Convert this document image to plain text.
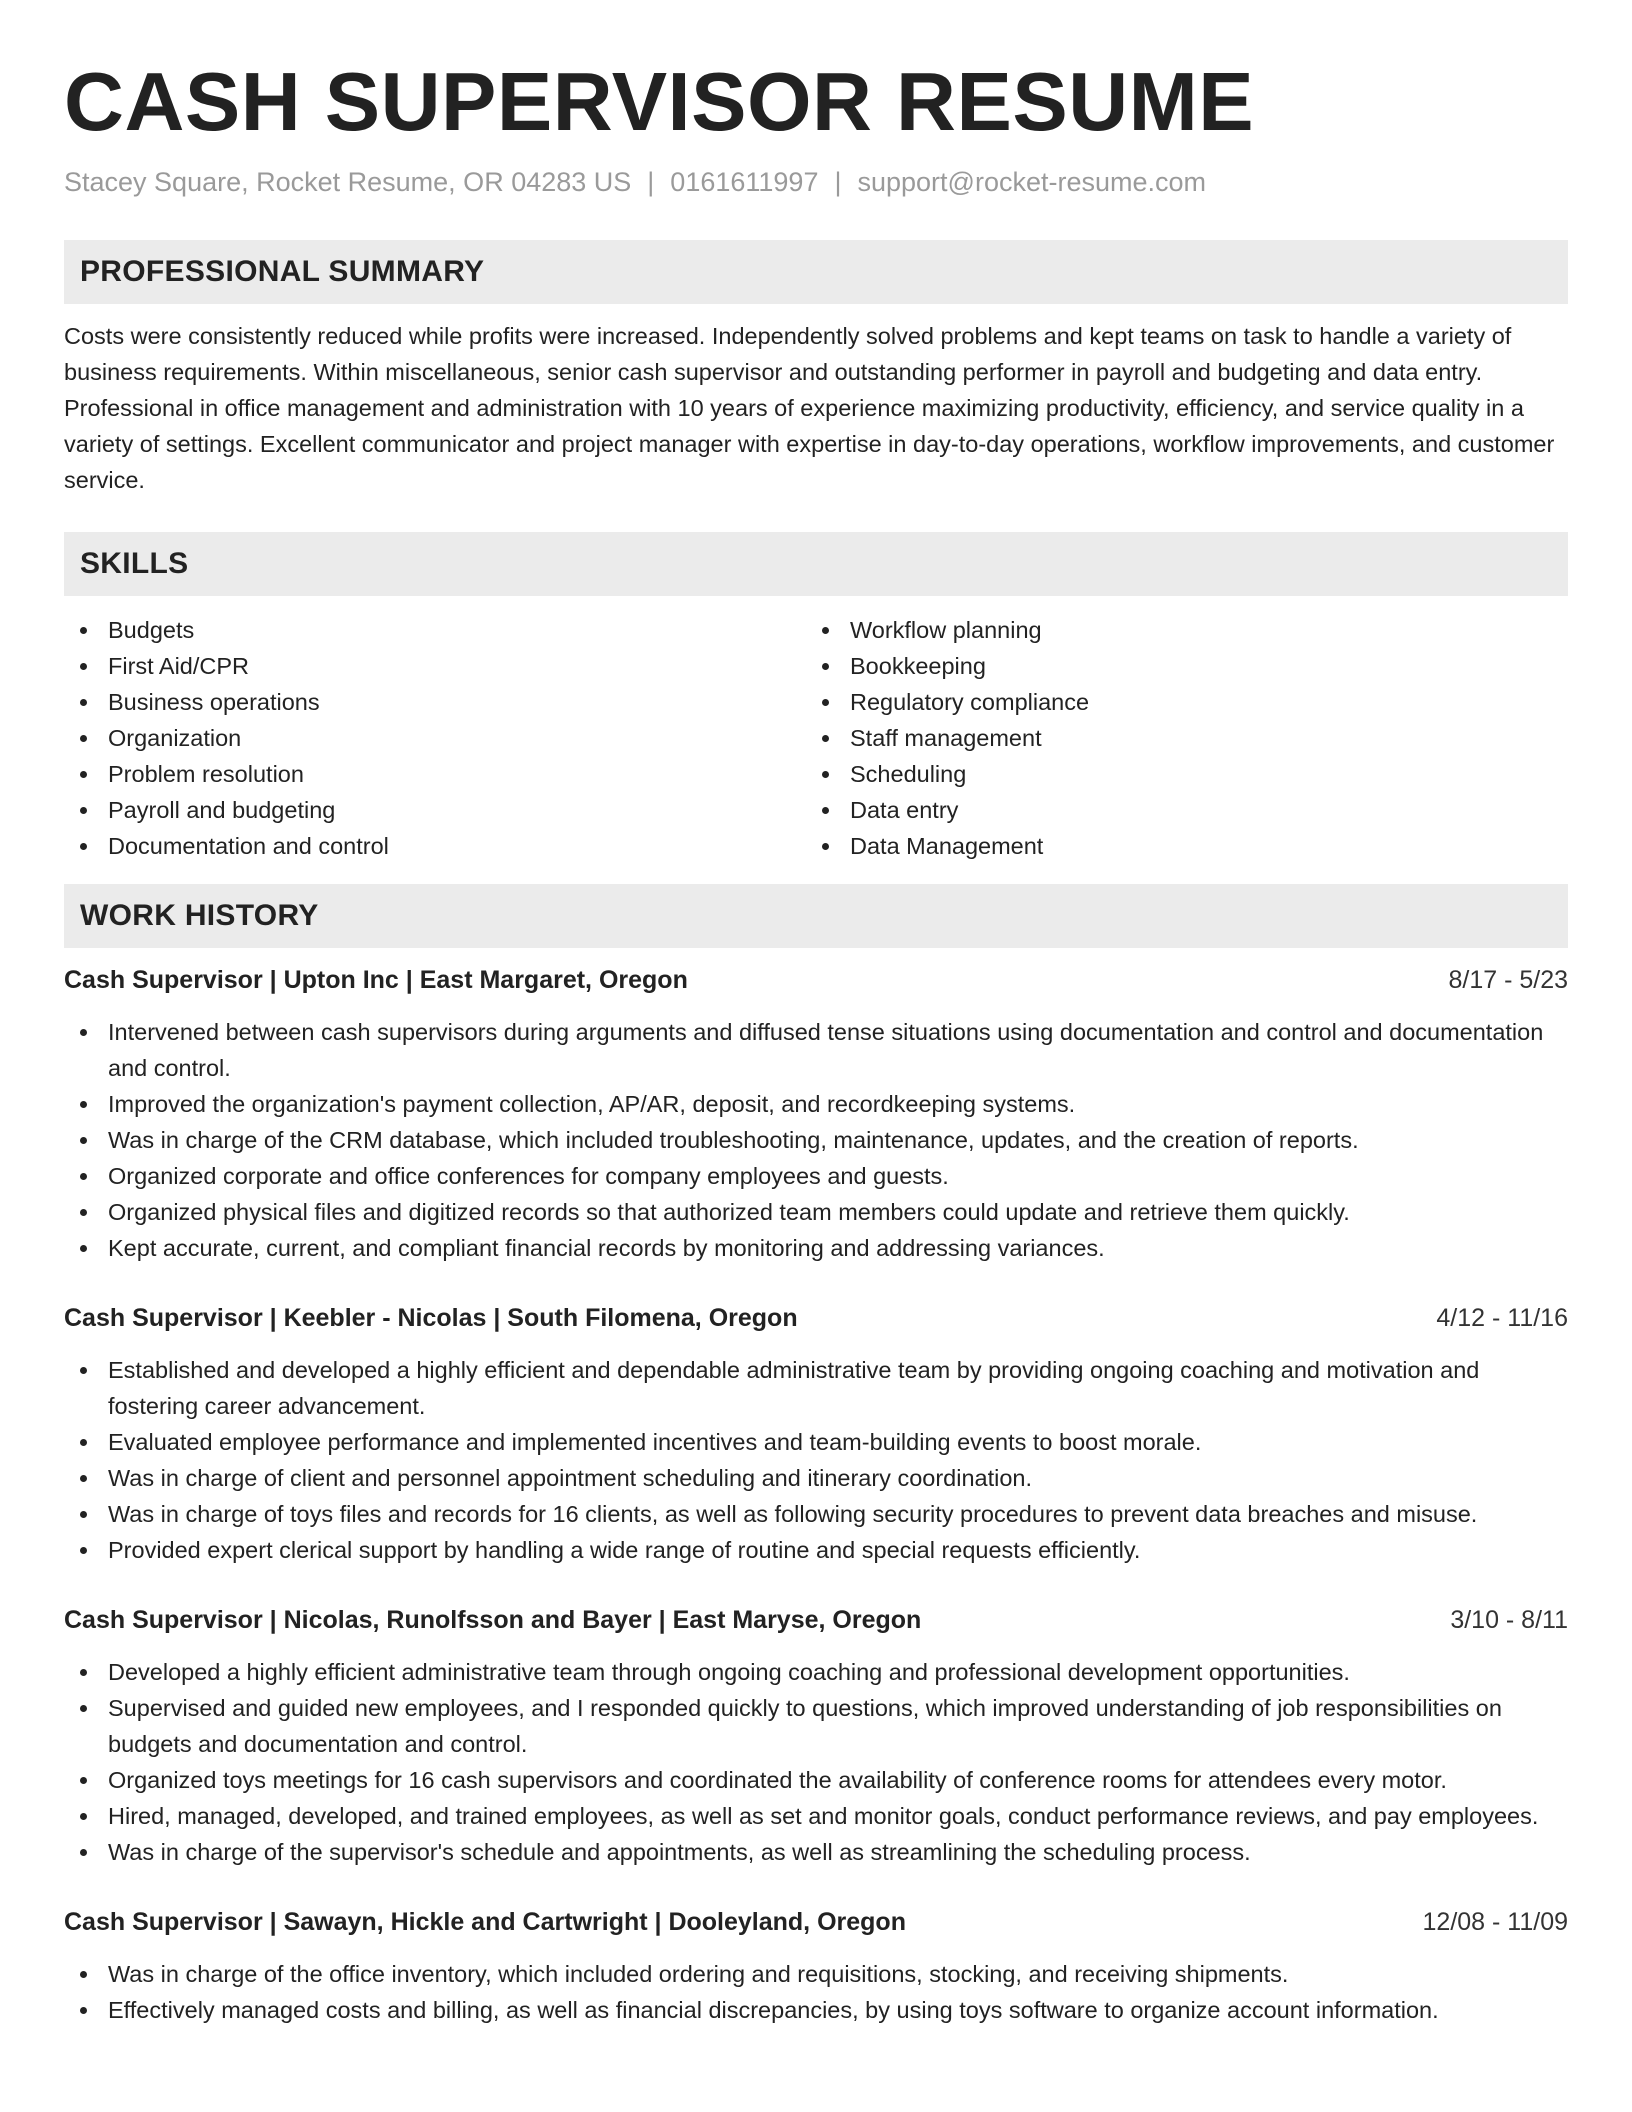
CASH SUPERVISOR RESUME
Stacey Square, Rocket Resume, OR 04283 US | 0161611997 | support@rocket-resume.com
PROFESSIONAL SUMMARY
Costs were consistently reduced while profits were increased. Independently solved problems and kept teams on task to handle a variety of business requirements. Within miscellaneous, senior cash supervisor and outstanding performer in payroll and budgeting and data entry. Professional in office management and administration with 10 years of experience maximizing productivity, efficiency, and service quality in a variety of settings. Excellent communicator and project manager with expertise in day-to-day operations, workflow improvements, and customer service.
SKILLS
Budgets
First Aid/CPR
Business operations
Organization
Problem resolution
Payroll and budgeting
Documentation and control
Workflow planning
Bookkeeping
Regulatory compliance
Staff management
Scheduling
Data entry
Data Management
WORK HISTORY
Cash Supervisor | Upton Inc | East Margaret, Oregon	8/17 - 5/23
Intervened between cash supervisors during arguments and diffused tense situations using documentation and control and documentation and control.
Improved the organization's payment collection, AP/AR, deposit, and recordkeeping systems.
Was in charge of the CRM database, which included troubleshooting, maintenance, updates, and the creation of reports.
Organized corporate and office conferences for company employees and guests.
Organized physical files and digitized records so that authorized team members could update and retrieve them quickly.
Kept accurate, current, and compliant financial records by monitoring and addressing variances.
Cash Supervisor | Keebler - Nicolas | South Filomena, Oregon	4/12 - 11/16
Established and developed a highly efficient and dependable administrative team by providing ongoing coaching and motivation and fostering career advancement.
Evaluated employee performance and implemented incentives and team-building events to boost morale.
Was in charge of client and personnel appointment scheduling and itinerary coordination.
Was in charge of toys files and records for 16 clients, as well as following security procedures to prevent data breaches and misuse.
Provided expert clerical support by handling a wide range of routine and special requests efficiently.
Cash Supervisor | Nicolas, Runolfsson and Bayer | East Maryse, Oregon	3/10 - 8/11
Developed a highly efficient administrative team through ongoing coaching and professional development opportunities.
Supervised and guided new employees, and I responded quickly to questions, which improved understanding of job responsibilities on budgets and documentation and control.
Organized toys meetings for 16 cash supervisors and coordinated the availability of conference rooms for attendees every motor.
Hired, managed, developed, and trained employees, as well as set and monitor goals, conduct performance reviews, and pay employees.
Was in charge of the supervisor's schedule and appointments, as well as streamlining the scheduling process.
Cash Supervisor | Sawayn, Hickle and Cartwright | Dooleyland, Oregon	12/08 - 11/09
Was in charge of the office inventory, which included ordering and requisitions, stocking, and receiving shipments.
Effectively managed costs and billing, as well as financial discrepancies, by using toys software to organize account information.
